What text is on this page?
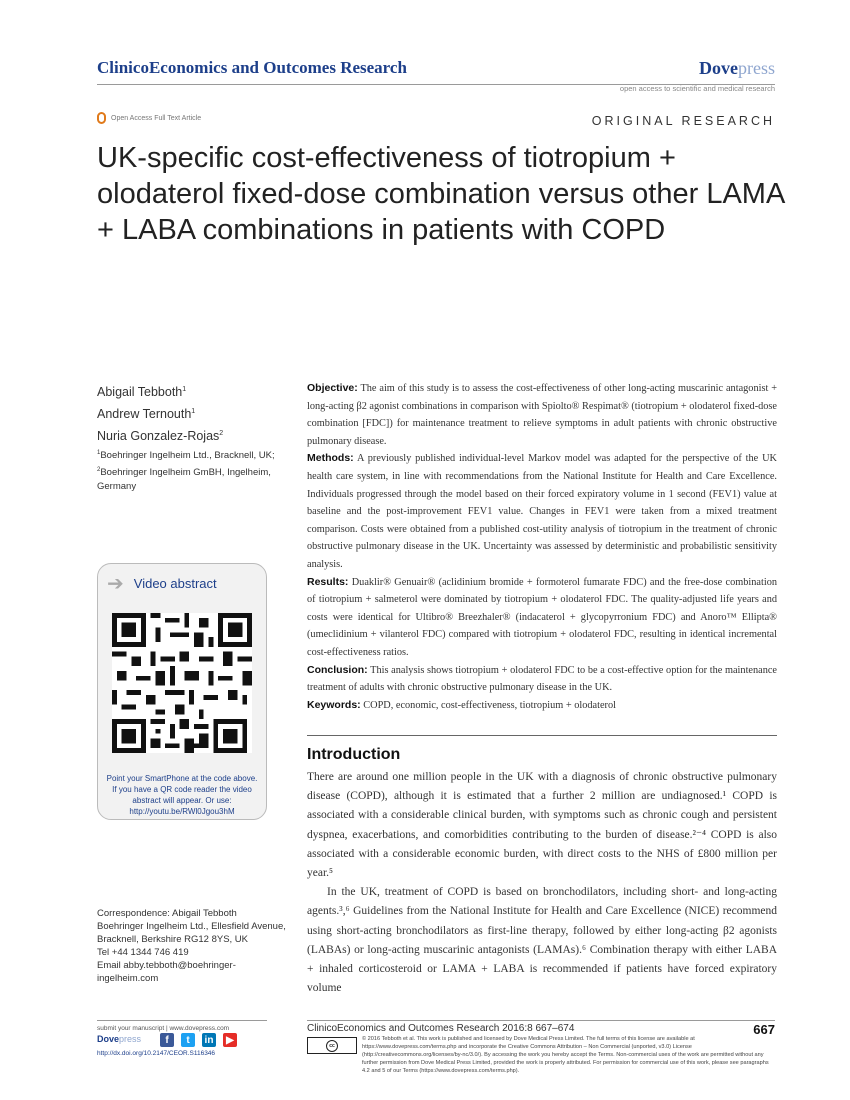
ClinicoEconomics and Outcomes Research	Dovepress
open access to scientific and medical research
Open Access Full Text Article	ORIGINAL RESEARCH
UK-specific cost-effectiveness of tiotropium + olodaterol fixed-dose combination versus other LAMA + LABA combinations in patients with COPD
Abigail Tebboth$^1$
Andrew Ternouth$^1$
Nuria Gonzalez-Rojas$^2$
$^1$Boehringer Ingelheim Ltd., Bracknell, UK; $^2$Boehringer Ingelheim GmBH, Ingelheim, Germany
Objective: The aim of this study is to assess the cost-effectiveness of other long-acting muscarinic antagonist + long-acting β2 agonist combinations in comparison with Spiolto® Respimat® (tiotropium + olodaterol fixed-dose combination [FDC]) for maintenance treatment to relieve symptoms in adult patients with chronic obstructive pulmonary disease.
Methods: A previously published individual-level Markov model was adapted for the perspective of the UK health care system, in line with recommendations from the National Institute for Health and Care Excellence. Individuals progressed through the model based on their forced expiratory volume in 1 second (FEV1) value at baseline and the post-improvement FEV1 value. Changes in FEV1 were taken from a mixed treatment comparison. Costs were obtained from a published cost-utility analysis of tiotropium in the treatment of chronic obstructive pulmonary disease in the UK. Uncertainty was assessed by deterministic and probabilistic sensitivity analysis.
Results: Duaklir® Genuair® (aclidinium bromide + formoterol fumarate FDC) and the free-dose combination of tiotropium + salmeterol were dominated by tiotropium + olodaterol FDC. The quality-adjusted life years and costs were identical for Ultibro® Breezhaler® (indacaterol + glycopyrronium FDC) and Anoro™ Ellipta® (umeclidinium + vilanterol FDC) compared with tiotropium + olodaterol FDC, resulting in identical incremental cost-effectiveness ratios.
Conclusion: This analysis shows tiotropium + olodaterol FDC to be a cost-effective option for the maintenance treatment of adults with chronic obstructive pulmonary disease in the UK.
Keywords: COPD, economic, cost-effectiveness, tiotropium + olodaterol
Introduction

There are around one million people in the UK with a diagnosis of chronic obstructive pulmonary disease (COPD), although it is estimated that a further 2 million are undiagnosed.¹ COPD is associated with a considerable clinical burden, with symptoms such as chronic cough and persistent dyspnea, exacerbations, and comorbidities contributing to the burden of disease.²⁻⁴ COPD is also associated with a considerable economic burden, with direct costs to the NHS of £800 million per year.⁵

In the UK, treatment of COPD is based on bronchodilators, including short- and long-acting agents.³,⁶ Guidelines from the National Institute for Health and Care Excellence (NICE) recommend using short-acting bronchodilators as first-line therapy, followed by either long-acting β2 agonists (LABAs) or long-acting muscarinic antagonists (LAMAs).⁶ Combination therapy with either LABA + inhaled corticosteroid or LAMA + LABA is recommended if patients have forced expiratory volume

➔ Video abstract
Point your SmartPhone at the code above. If you have a QR code reader the video abstract will appear. Or use:
http://youtu.be/RWl0Jgou3hM
Correspondence: Abigail Tebboth
Boehringer Ingelheim Ltd., Ellesfield Avenue, Bracknell, Berkshire RG12 8YS, UK
Tel +44 1344 746 419
Email abby.tebboth@boehringer-ingelheim.com
submit your manuscript | www.dovepress.com
Dovepress	f	t	in	▶
http://dx.doi.org/10.2147/CEOR.S116346
ClinicoEconomics and Outcomes Research 2016:8 667–674	667
cc
© 2016 Tebboth et al. This work is published and licensed by Dove Medical Press Limited. The full terms of this license are available at https://www.dovepress.com/terms.php and incorporate the Creative Commons Attribution – Non Commercial (unported, v3.0) License (http://creativecommons.org/licenses/by-nc/3.0/). By accessing the work you hereby accept the Terms. Non-commercial uses of the work are permitted without any further permission from Dove Medical Press Limited, provided the work is properly attributed. For permission for commercial use of this work, please see paragraphs 4.2 and 5 of our Terms (https://www.dovepress.com/terms.php).
